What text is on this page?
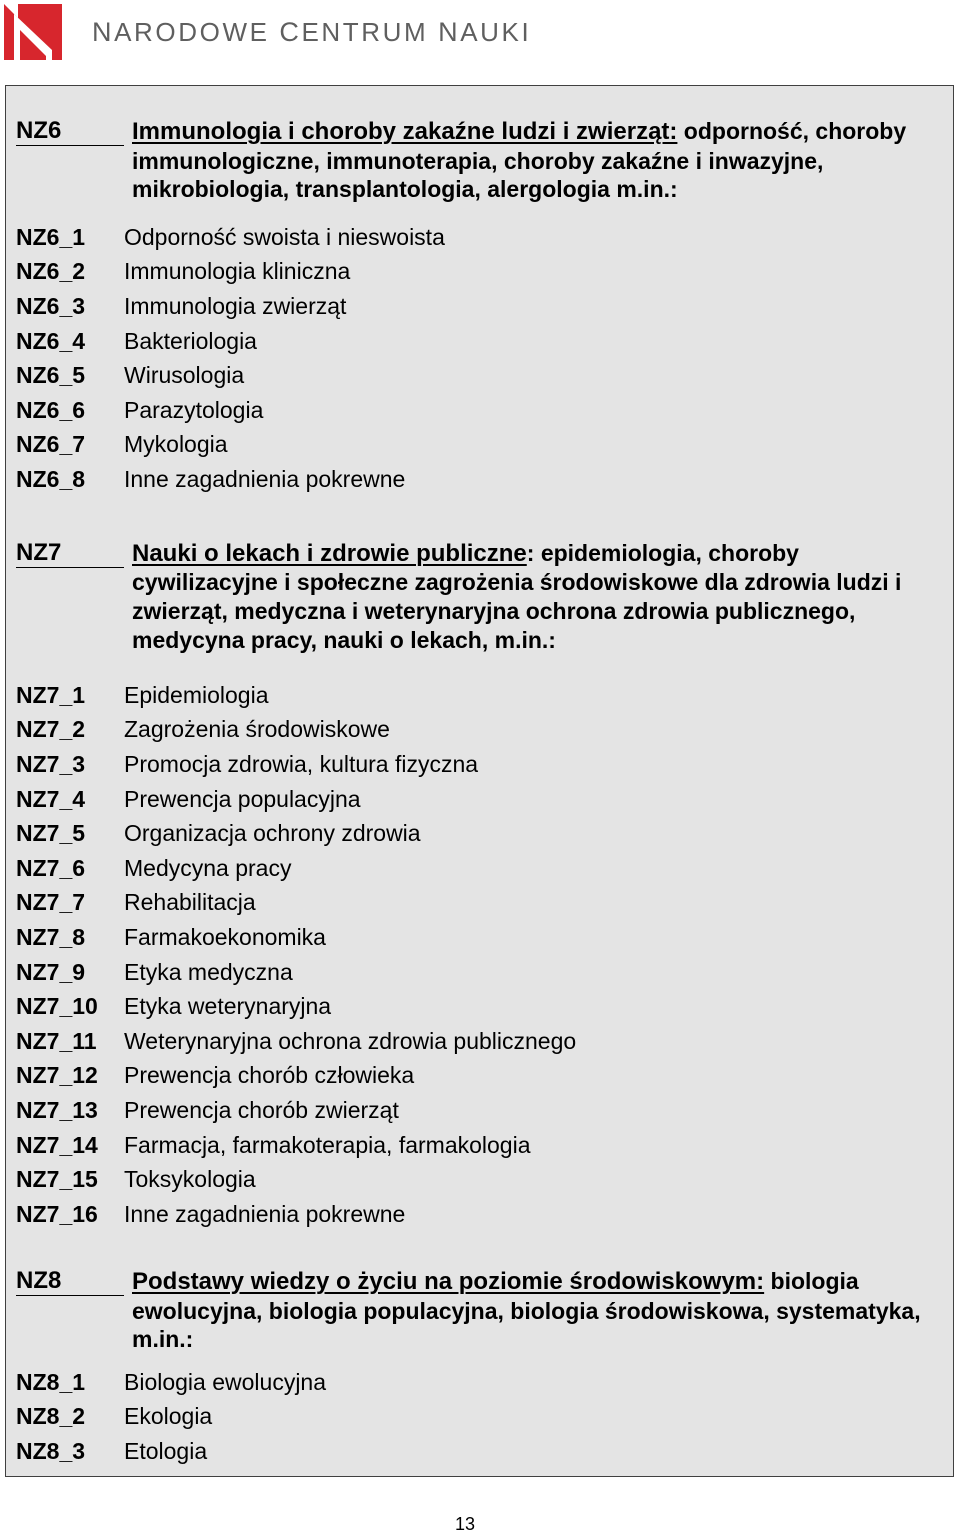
NARODOWE CENTRUM NAUKI
NZ6	Immunologia i choroby zakaźne ludzi i zwierząt: odporność, choroby immunologiczne, immunoterapia, choroby zakaźne i inwazyjne, mikrobiologia, transplantologia, alergologia m.in.:
NZ6_1	Odporność swoista i nieswoista
NZ6_2	Immunologia kliniczna
NZ6_3	Immunologia zwierząt
NZ6_4	Bakteriologia
NZ6_5	Wirusologia
NZ6_6	Parazytologia
NZ6_7	Mykologia
NZ6_8	Inne zagadnienia pokrewne
NZ7	Nauki o lekach i zdrowie publiczne: epidemiologia, choroby cywilizacyjne i społeczne zagrożenia środowiskowe dla zdrowia ludzi i zwierząt, medyczna i weterynaryjna ochrona zdrowia publicznego, medycyna pracy, nauki o lekach, m.in.:
NZ7_1	Epidemiologia
NZ7_2	Zagrożenia środowiskowe
NZ7_3	Promocja zdrowia, kultura fizyczna
NZ7_4	Prewencja populacyjna
NZ7_5	Organizacja ochrony zdrowia
NZ7_6	Medycyna pracy
NZ7_7	Rehabilitacja
NZ7_8	Farmakoekonomika
NZ7_9	Etyka medyczna
NZ7_10	Etyka weterynaryjna
NZ7_11	Weterynaryjna ochrona zdrowia publicznego
NZ7_12	Prewencja chorób człowieka
NZ7_13	Prewencja chorób zwierząt
NZ7_14	Farmacja, farmakoterapia, farmakologia
NZ7_15	Toksykologia
NZ7_16	Inne zagadnienia pokrewne
NZ8	Podstawy wiedzy o życiu na poziomie środowiskowym: biologia ewolucyjna, biologia populacyjna, biologia środowiskowa, systematyka, m.in.:
NZ8_1	Biologia ewolucyjna
NZ8_2	Ekologia
NZ8_3	Etologia
13
